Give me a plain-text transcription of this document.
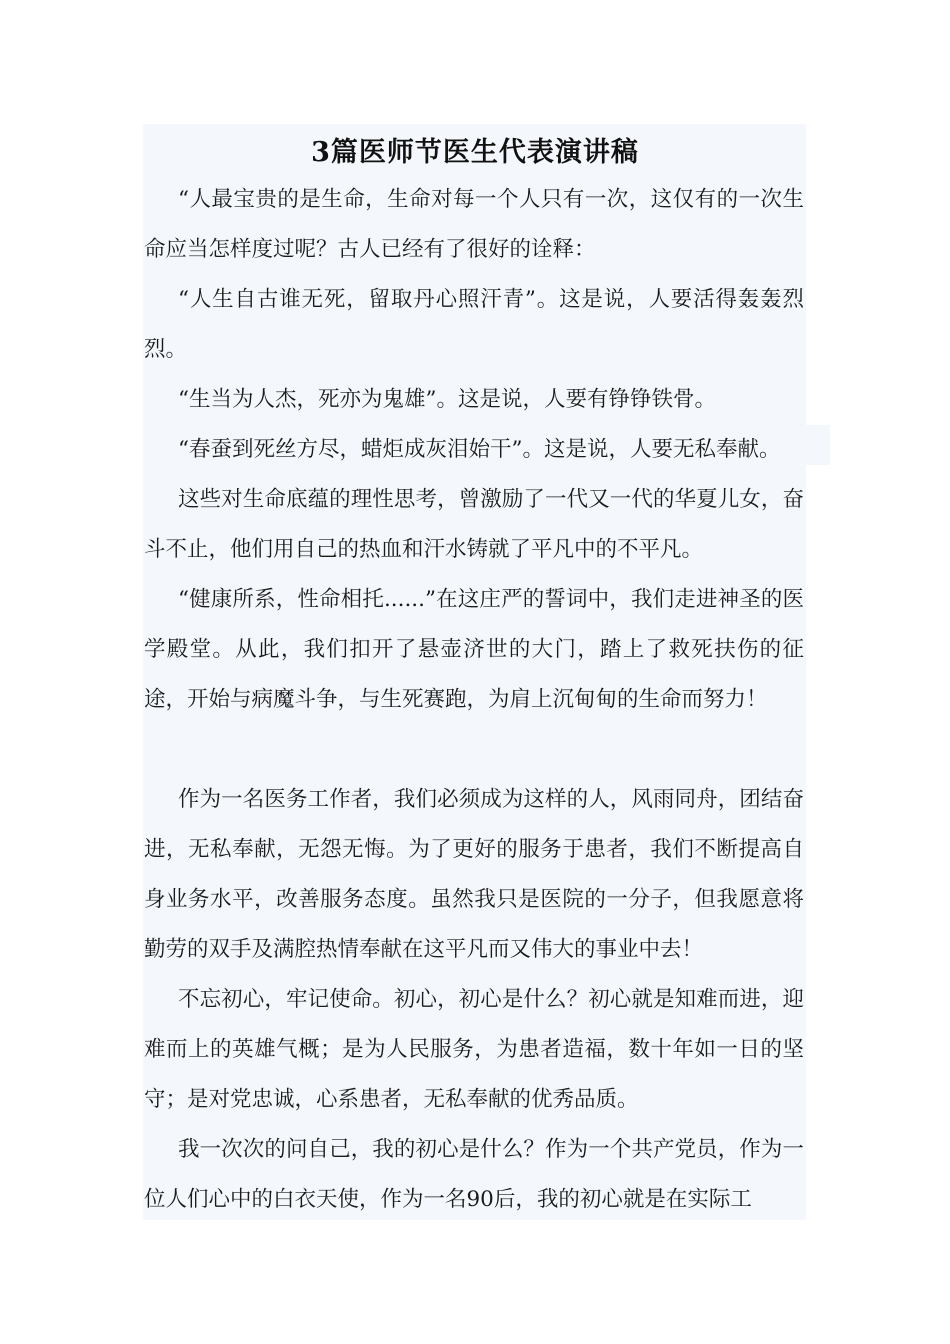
3篇医师节医生代表演讲稿
“人最宝贵的是生命，生命对每一个人只有一次，这仅有的一次生命应当怎样度过呢？古人已经有了很好的诠释：
“人生自古谁无死，留取丹心照汗青”。这是说，人要活得轰轰烈烈。
“生当为人杰，死亦为鬼雄”。这是说，人要有铮铮铁骨。
“春蚕到死丝方尽，蜡炬成灰泪始干”。这是说，人要无私奉献。
这些对生命底蕴的理性思考，曾激励了一代又一代的华夏儿女，奋斗不止，他们用自己的热血和汗水铸就了平凡中的不平凡。
“健康所系，性命相托......”在这庄严的誓词中，我们走进神圣的医学殿堂。从此，我们扣开了悬壶济世的大门，踏上了救死扶伤的征途，开始与病魔斗争，与生死赛跑，为肩上沉甸甸的生命而努力！
作为一名医务工作者，我们必须成为这样的人，风雨同舟，团结奋进，无私奉献，无怨无悔。为了更好的服务于患者，我们不断提高自身业务水平，改善服务态度。虽然我只是医院的一分子，但我愿意将勤劳的双手及满腔热情奉献在这平凡而又伟大的事业中去！
不忘初心，牢记使命。初心，初心是什么？初心就是知难而进，迎难而上的英雄气概；是为人民服务，为患者造福，数十年如一日的坚守；是对党忠诚，心系患者，无私奉献的优秀品质。
我一次次的问自己，我的初心是什么？作为一个共产党员，作为一位人们心中的白衣天使，作为一名90后，我的初心就是在实际工
